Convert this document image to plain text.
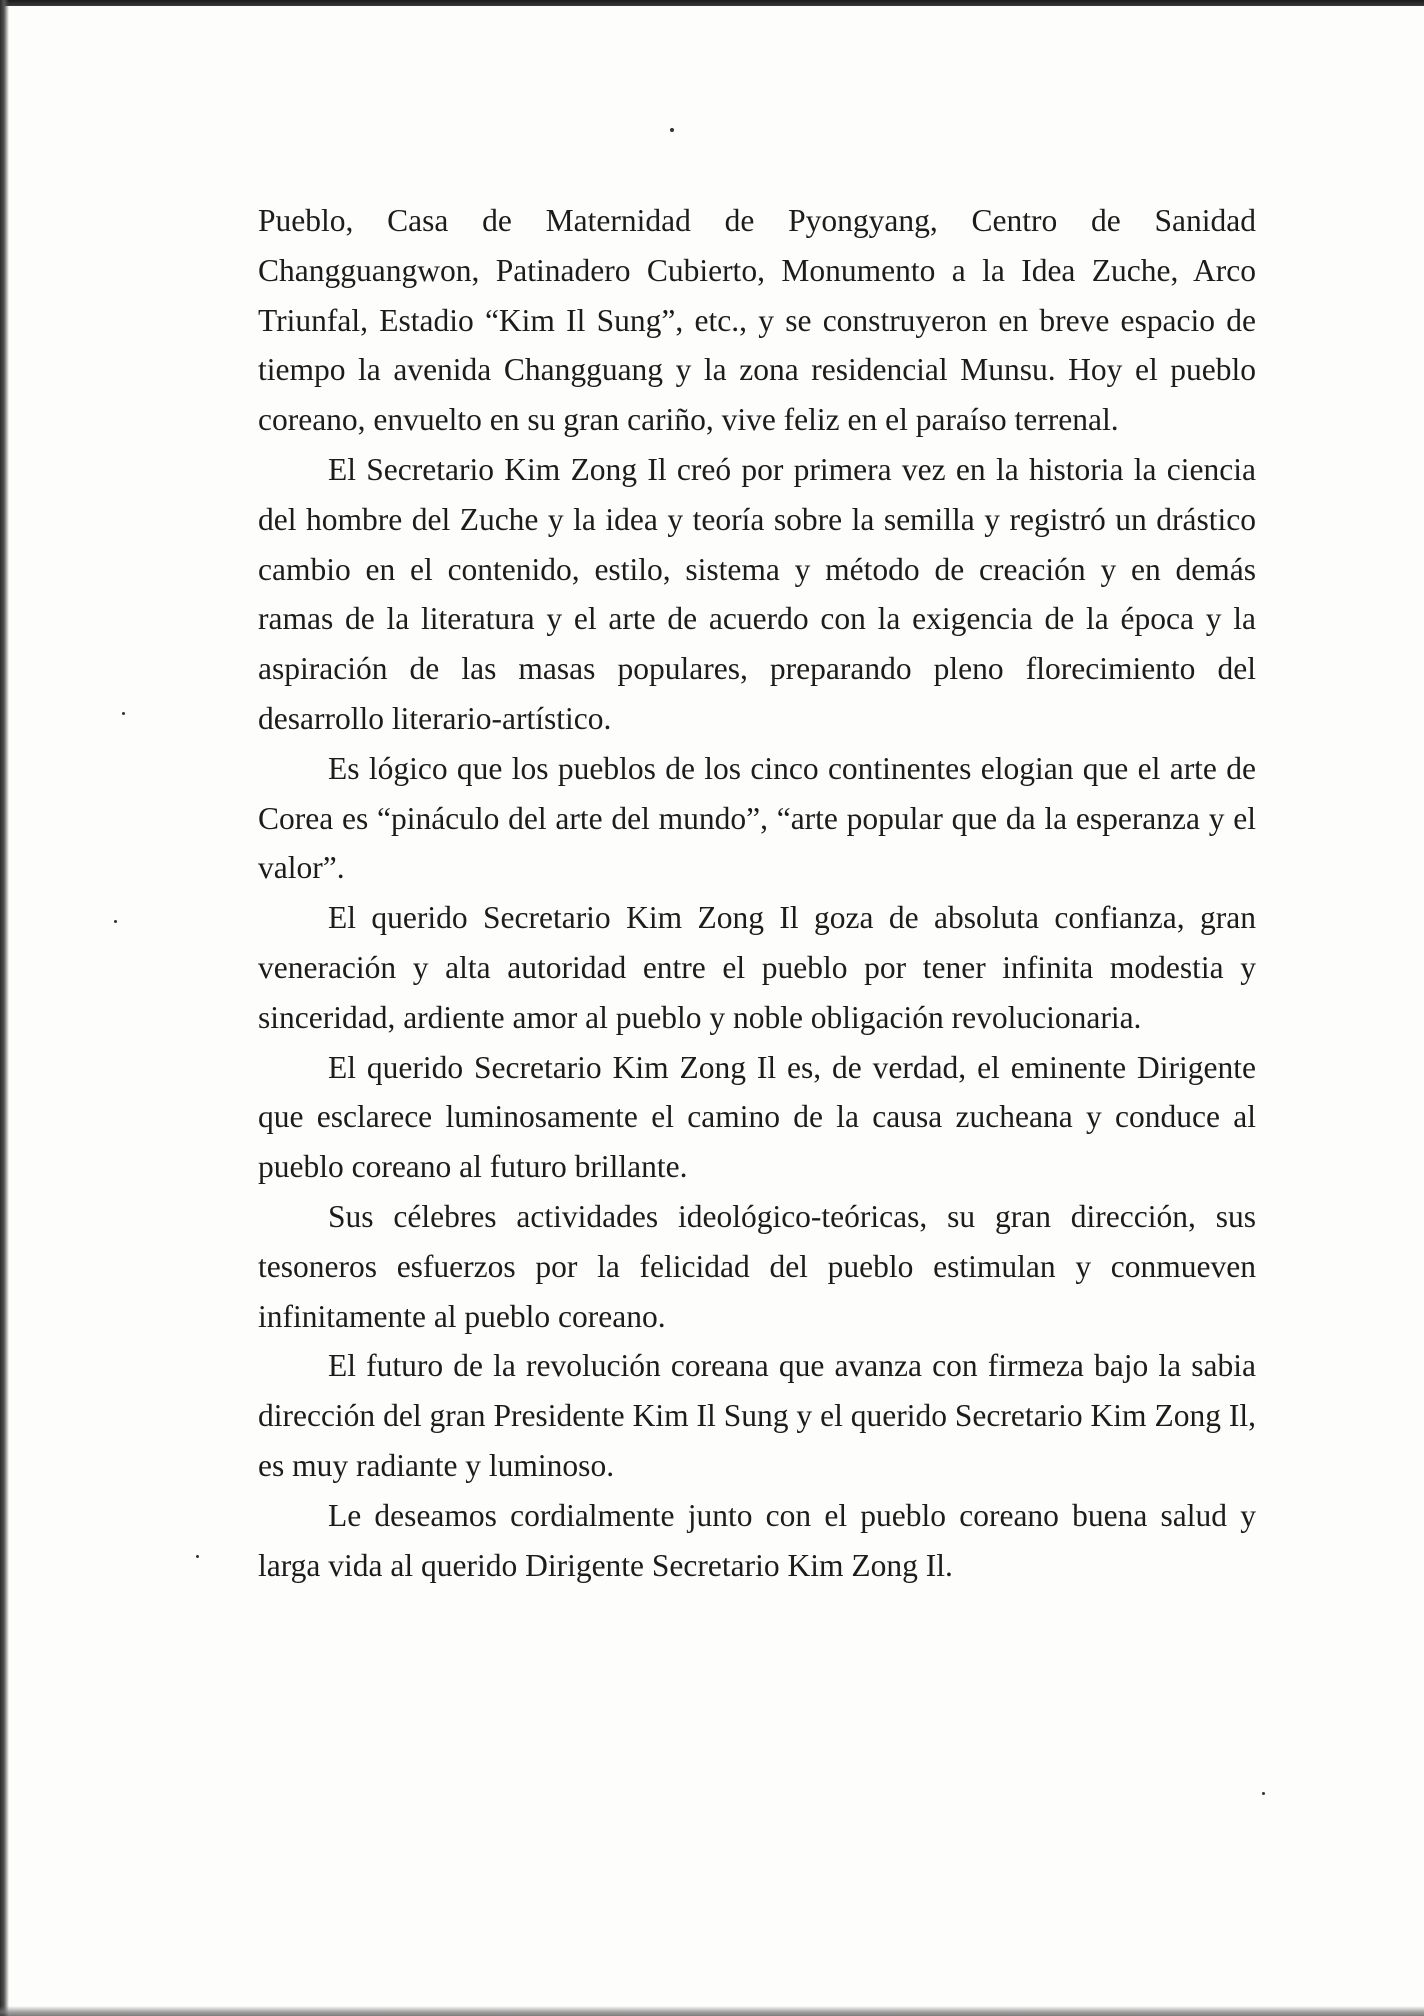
Pueblo, Casa de Maternidad de Pyongyang, Centro de Sanidad Changguangwon, Patinadero Cubierto, Monumento a la Idea Zuche, Arco Triunfal, Estadio “Kim Il Sung”, etc., y se construyeron en breve espacio de tiempo la avenida Changguang y la zona residencial Munsu. Hoy el pueblo coreano, envuelto en su gran cariño, vive feliz en el paraíso terrenal.

El Secretario Kim Zong Il creó por primera vez en la historia la ciencia del hombre del Zuche y la idea y teoría sobre la semilla y registró un drástico cambio en el contenido, estilo, sistema y método de creación y en demás ramas de la literatura y el arte de acuerdo con la exigencia de la época y la aspiración de las masas populares, preparando pleno florecimiento del desarrollo literario-artístico.

Es lógico que los pueblos de los cinco continentes elogian que el arte de Corea es “pináculo del arte del mundo”, “arte popular que da la esperanza y el valor”.

El querido Secretario Kim Zong Il goza de absoluta confianza, gran veneración y alta autoridad entre el pueblo por tener infinita modestia y sinceridad, ardiente amor al pueblo y noble obligación revolucionaria.

El querido Secretario Kim Zong Il es, de verdad, el eminente Dirigente que esclarece luminosamente el camino de la causa zucheana y conduce al pueblo coreano al futuro brillante.

Sus célebres actividades ideológico-teóricas, su gran dirección, sus tesoneros esfuerzos por la felicidad del pueblo estimulan y conmueven infinitamente al pueblo coreano.

El futuro de la revolución coreana que avanza con firmeza bajo la sabia dirección del gran Presidente Kim Il Sung y el querido Secretario Kim Zong Il, es muy radiante y luminoso.

Le deseamos cordialmente junto con el pueblo coreano buena salud y larga vida al querido Dirigente Secretario Kim Zong Il.
